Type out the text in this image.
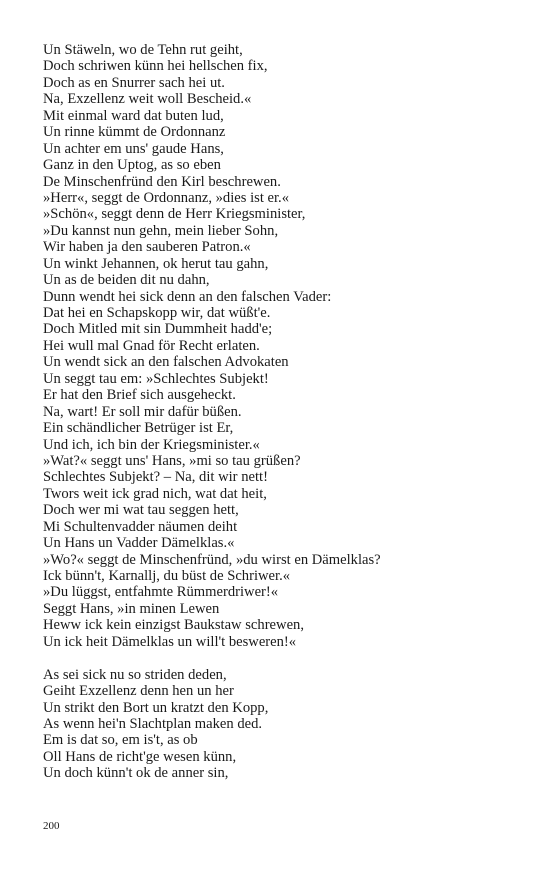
Un Stäweln, wo de Tehn rut geiht,
Doch schriwen künn hei hellschen fix,
Doch as en Snurrer sach hei ut.
Na, Exzellenz weit woll Bescheid.«
Mit einmal ward dat buten lud,
Un rinne kümmt de Ordonnanz
Un achter em uns' gaude Hans,
Ganz in den Uptog, as so eben
De Minschenfründ den Kirl beschrewen.
»Herr«, seggt de Ordonnanz, »dies ist er.«
»Schön«, seggt denn de Herr Kriegsminister,
»Du kannst nun gehn, mein lieber Sohn,
Wir haben ja den sauberen Patron.«
Un winkt Jehannen, ok herut tau gahn,
Un as de beiden dit nu dahn,
Dunn wendt hei sick denn an den falschen Vader:
Dat hei en Schapskopp wir, dat wüßt'e.
Doch Mitled mit sin Dummheit hadd'e;
Hei wull mal Gnad för Recht erlaten.
Un wendt sick an den falschen Advokaten
Un seggt tau em: »Schlechtes Subjekt!
Er hat den Brief sich ausgeheckt.
Na, wart! Er soll mir dafür büßen.
Ein schändlicher Betrüger ist Er,
Und ich, ich bin der Kriegsminister.«
»Wat?« seggt uns' Hans, »mi so tau grüßen?
Schlechtes Subjekt? – Na, dit wir nett!
Twors weit ick grad nich, wat dat heit,
Doch wer mi wat tau seggen hett,
Mi Schultenvadder näumen deiht
Un Hans un Vadder Dämelklas.«
»Wo?« seggt de Minschenfründ, »du wirst en Dämelklas?
Ick bünn't, Karnallj, du büst de Schriwer.«
»Du lüggst, entfahmte Rümmerdriwer!«
Seggt Hans, »in minen Lewen
Heww ick kein einzigst Baukstaw schrewen,
Un ick heit Dämelklas un will't besweren!«
As sei sick nu so striden deden,
Geiht Exzellenz denn hen un her
Un strikt den Bort un kratzt den Kopp,
As wenn hei'n Slachtplan maken ded.
Em is dat so, em is't, as ob
Oll Hans de richt'ge wesen künn,
Un doch künn't ok de anner sin,
200
